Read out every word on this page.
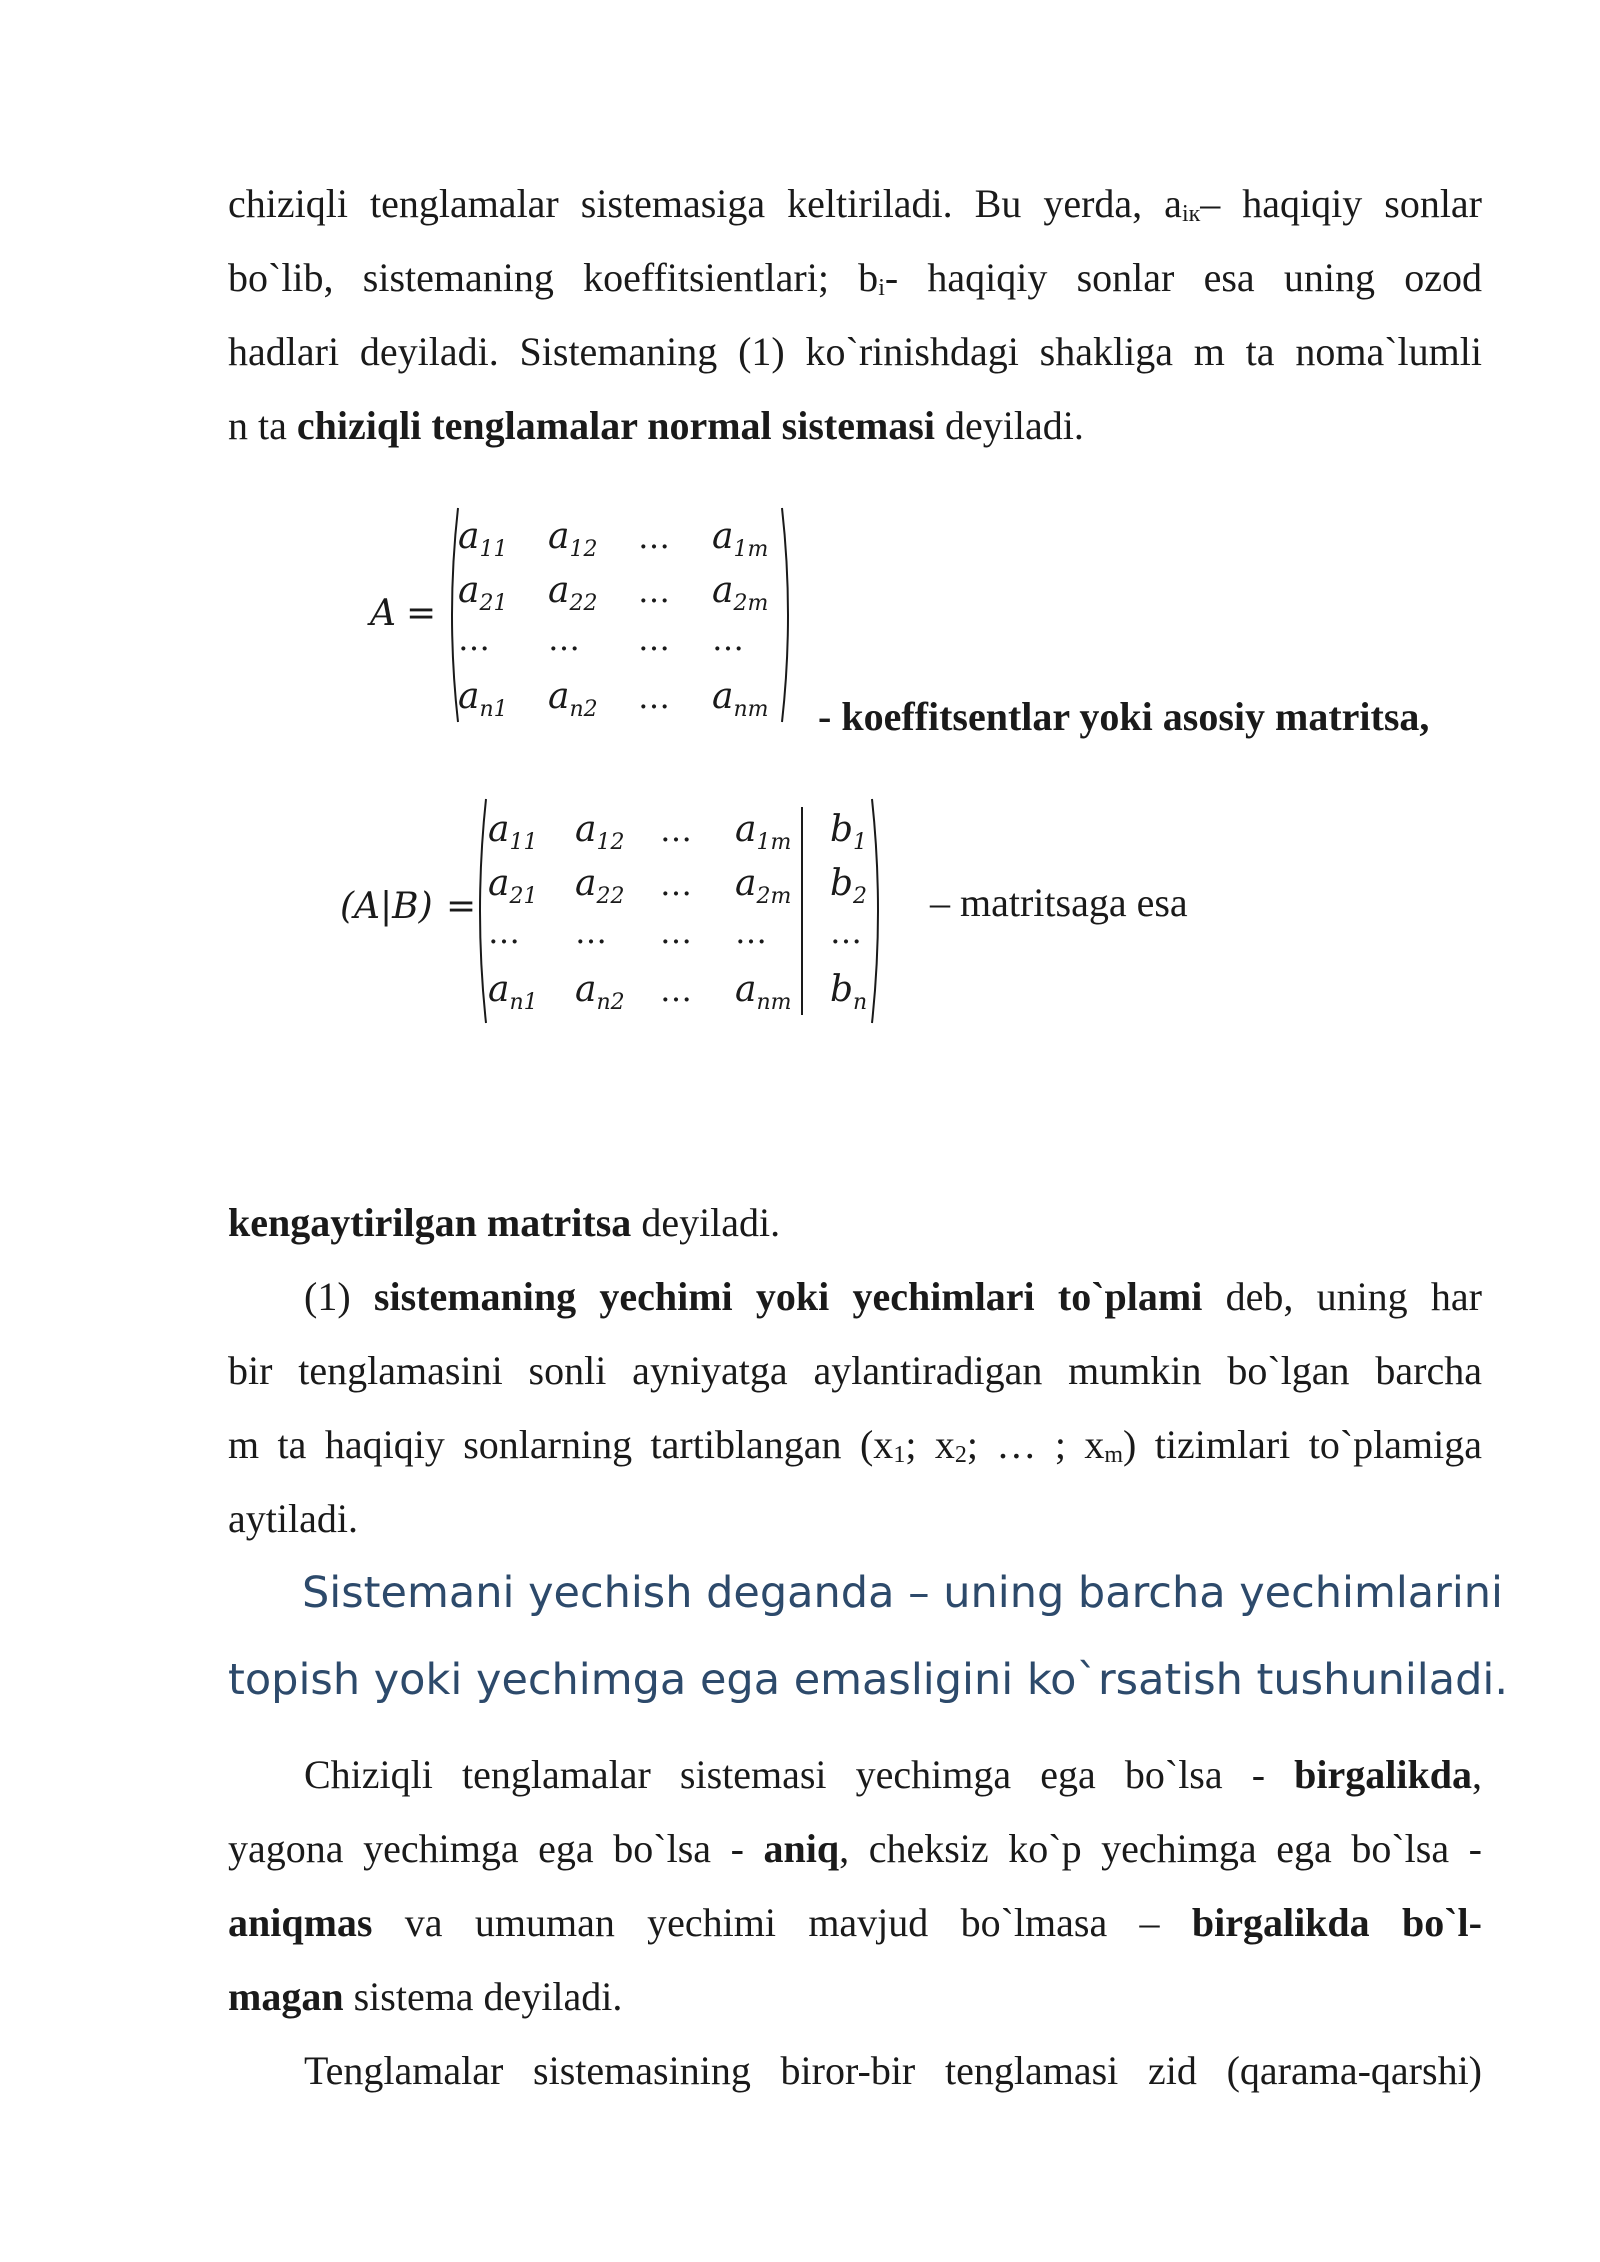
chiziqli tenglamalar sistemasiga keltiriladi. Bu yerda, $a_{iк}-$ haqiqiy sonlar
bo`lib, sistemaning koeffitsientlari; $b_i-$ haqiqiy sonlar esa uning ozod
hadlari deyiladi. Sistemaning (1) ko`rinishdagi shakliga m ta noma`lumli
n ta chiziqli tenglamalar normal sistemasi deyiladi.
A =
$a_{11}$ $a_{12}$ … $a_{1m}$
$a_{21}$ $a_{22}$ … $a_{2m}$
… … … …
$a_{n1}$ $a_{n2}$ … $a_{nm}$ - koeffitsentlar yoki asosiy matritsa,
(A|B) =
$a_{11}$ $a_{12}$ … $a_{1m}$ $b_1$
$a_{21}$ $a_{22}$ … $a_{2m}$ $b_2$
… … … … …
$a_{n1}$ $a_{n2}$ … $a_{nm}$ $b_n$
– matritsaga esa
kengaytirilgan matritsa deyiladi.
(1) sistemaning yechimi yoki yechimlari to`plami deb, uning har
bir tenglamasini sonli ayniyatga aylantiradigan mumkin bo`lgan barcha
m ta haqiqiy sonlarning tartiblangan ($x_1$; $x_2$; … ; $x_m$) tizimlari to`plamiga
aytiladi.
Sistemani yechish deganda – uning barcha yechimlarini
topish yoki yechimga ega emasligini ko`rsatish tushuniladi.
Chiziqli tenglamalar sistemasi yechimga ega bo`lsa - birgalikda,
yagona yechimga ega bo`lsa - aniq, cheksiz ko`p yechimga ega bo`lsa -
aniqmas va umuman yechimi mavjud bo`lmasa – birgalikda bo`l-
magan sistema deyiladi.
Tenglamalar sistemasining biror-bir tenglamasi zid (qarama-qarshi)
